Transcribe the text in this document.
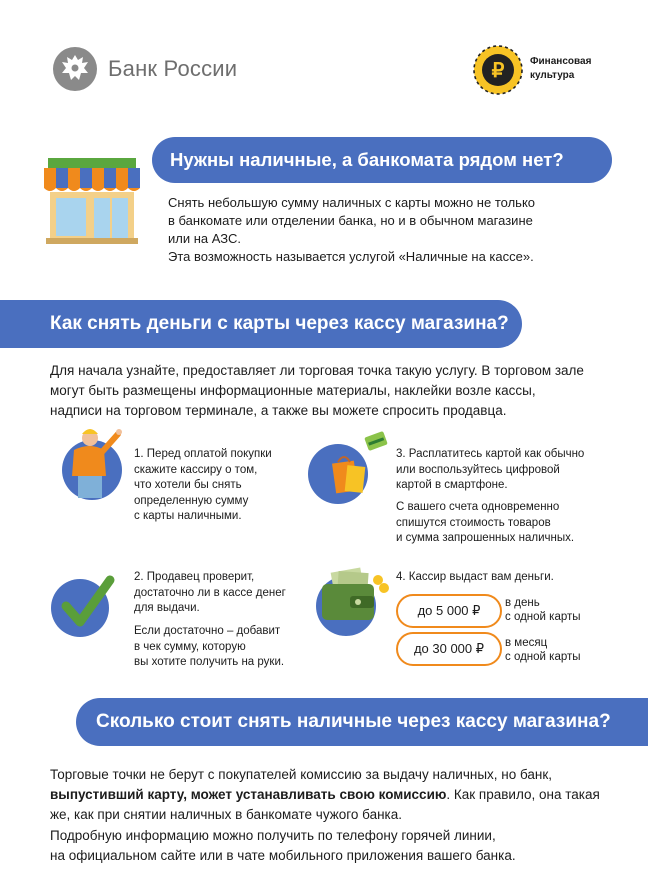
Банк России	₽	Финансовая
культура
Нужны наличные, а банкомата рядом нет?
Снять небольшую сумму наличных с карты можно не только
в банкомате или отделении банка, но и в обычном магазине
или на АЗС.
Эта возможность называется услугой «Наличные на кассе».
Как снять деньги с карты через кассу магазина?
Для начала узнайте, предоставляет ли торговая точка такую услугу. В торговом зале
могут быть размещены информационные материалы, наклейки возле кассы,
надписи на торговом терминале, а также вы можете спросить продавца.
1. Перед оплатой покупки
скажите кассиру о том,
что хотели бы снять
определенную сумму
с карты наличными.
2. Продавец проверит,
достаточно ли в кассе денег
для выдачи.
Если достаточно – добавит
в чек сумму, которую
вы хотите получить на руки.
3. Расплатитесь картой как обычно
или воспользуйтесь цифровой
картой в смартфоне.
С вашего счета одновременно
спишутся стоимость товаров
и сумма запрошенных наличных.
4. Кассир выдаст вам деньги.
до 5 000 ₽	в день
с одной карты
до 30 000 ₽	в месяц
с одной карты
Сколько стоит снять наличные через кассу магазина?
Торговые точки не берут с покупателей комиссию за выдачу наличных, но банк,
выпустивший карту, может устанавливать свою комиссию. Как правило, она такая
же, как при снятии наличных в банкомате чужого банка.
Подробную информацию можно получить по телефону горячей линии,
на официальном сайте или в чате мобильного приложения вашего банка.
